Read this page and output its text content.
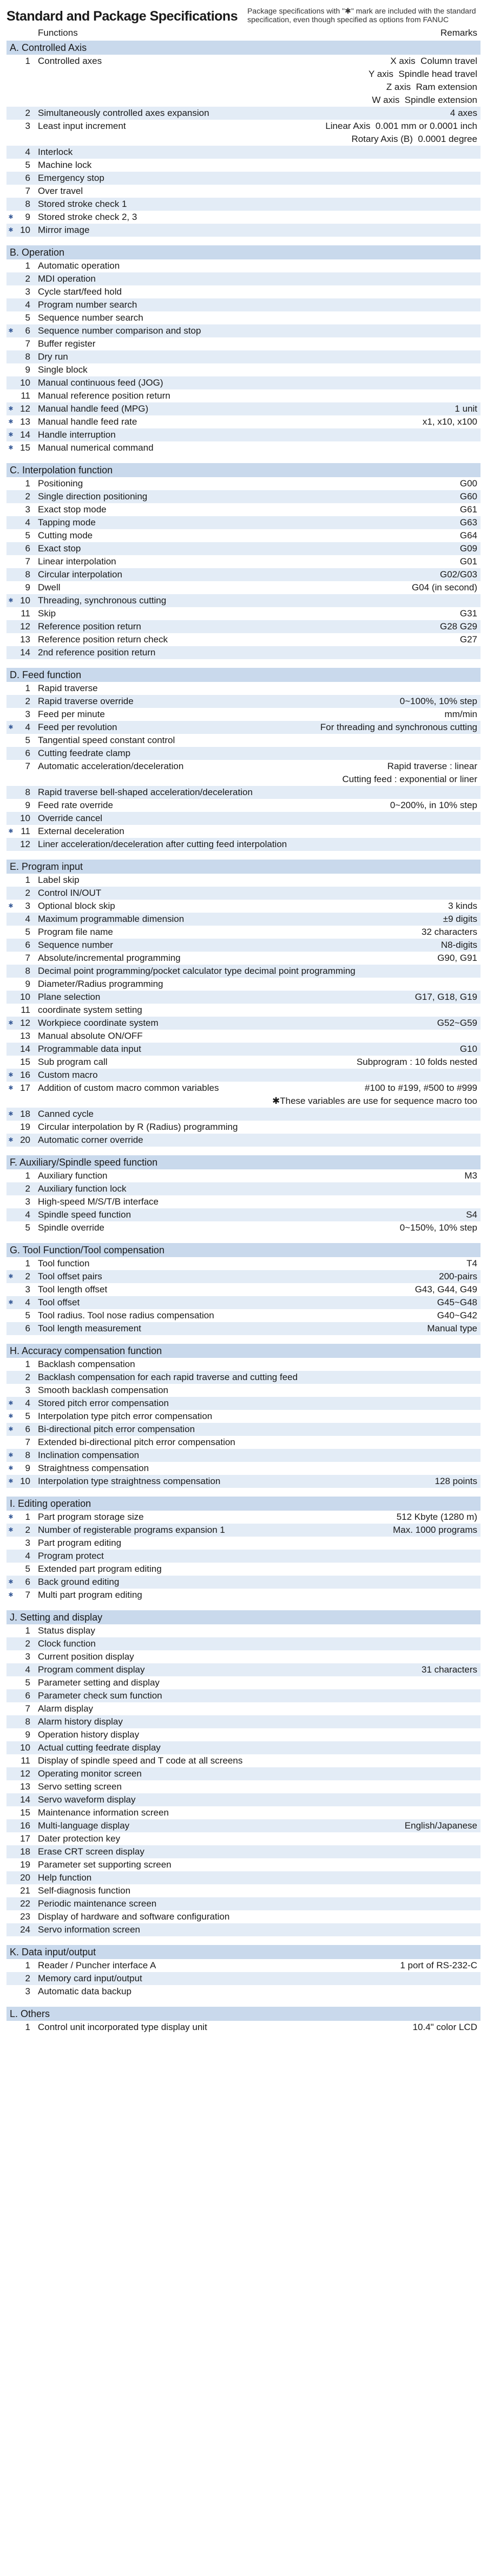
Standard and Package Specifications Package specifications with "✱" mark are included with the standard specification, even though specified as options from FANUC
Functions	Remarks
A. Controlled Axis
1 Controlled axes	X axis  Column travel
Y axis  Spindle head travel
Z axis  Ram extension
W axis  Spindle extension
2 Simultaneously controlled axes expansion	4 axes
3 Least input increment	Linear Axis  0.001 mm or 0.0001 inch
Rotary Axis (B)  0.0001 degree
4 Interlock
5 Machine lock
6 Emergency stop
7 Over travel
8 Stored stroke check 1
✱	9 Stored stroke check 2, 3
✱ 10 Mirror image
B. Operation
1 Automatic operation
2 MDI operation
3 Cycle start/feed hold
4 Program number search
5 Sequence number search
✱	6 Sequence number comparison and stop
7 Buffer register
8 Dry run
9 Single block
10 Manual continuous feed (JOG)
11 Manual reference position return
✱ 12 Manual handle feed (MPG)	1 unit
✱ 13 Manual handle feed rate	x1, x10, x100
✱ 14 Handle interruption
✱ 15 Manual numerical command
C. Interpolation function
1 Positioning	G00
2 Single direction positioning	G60
3 Exact stop mode	G61
4 Tapping mode	G63
5 Cutting mode	G64
6 Exact stop	G09
7 Linear interpolation	G01
8 Circular interpolation	G02/G03
9 Dwell	G04 (in second)
✱ 10 Threading, synchronous cutting
11 Skip	G31
12 Reference position return	G28 G29
13 Reference position return check	G27
14 2nd reference position return
D. Feed function
1 Rapid traverse
2 Rapid traverse override	0~100%, 10% step
3 Feed per minute	mm/min
✱	4 Feed per revolution	For threading and synchronous cutting
5 Tangential speed constant control
6 Cutting feedrate clamp
7 Automatic acceleration/deceleration	Rapid traverse : linear
Cutting feed : exponential or liner
8 Rapid traverse bell-shaped acceleration/deceleration
9 Feed rate override	0~200%, in 10% step
10 Override cancel
✱ 11 External deceleration
12 Liner acceleration/deceleration after cutting feed interpolation
E. Program input
1 Label skip
2 Control IN/OUT
✱	3 Optional block skip	3 kinds
4 Maximum programmable dimension	±9 digits
5 Program file name	32 characters
6 Sequence number	N8-digits
7 Absolute/incremental programming	G90, G91
8 Decimal point programming/pocket calculator type decimal point programming
9 Diameter/Radius programming
10 Plane selection	G17, G18, G19
11 coordinate system setting
✱ 12 Workpiece coordinate system	G52~G59
13 Manual absolute ON/OFF
14 Programmable data input	G10
15 Sub program call	Subprogram : 10 folds nested
✱ 16 Custom macro
✱ 17 Addition of custom macro common variables	#100 to #199, #500 to #999
✱These variables are use for sequence macro too
✱ 18 Canned cycle
19 Circular interpolation by R (Radius) programming
✱ 20 Automatic corner override
F. Auxiliary/Spindle speed function
1 Auxiliary function	M3
2 Auxiliary function lock
3 High-speed M/S/T/B interface
4 Spindle speed function	S4
5 Spindle override	0~150%, 10% step
G. Tool Function/Tool compensation
1 Tool function	T4
✱	2 Tool offset pairs	200-pairs
3 Tool length offset	G43, G44, G49
✱	4 Tool offset	G45~G48
5 Tool radius. Tool nose radius compensation	G40~G42
6 Tool length measurement	Manual type
H. Accuracy compensation function
1 Backlash compensation
2 Backlash compensation for each rapid traverse and cutting feed
3 Smooth backlash compensation
✱	4 Stored pitch error compensation
✱	5 Interpolation type pitch error compensation
✱	6 Bi-directional pitch error compensation
7 Extended bi-directional pitch error compensation
✱	8 Inclination compensation
✱	9 Straightness compensation
✱ 10 Interpolation type straightness compensation	128 points
I. Editing operation
✱	1 Part program storage size	512 Kbyte (1280 m)
✱	2 Number of registerable programs expansion 1	Max. 1000 programs
3 Part program editing
4 Program protect
5 Extended part program editing
✱	6 Back ground editing
✱	7 Multi part program editing
J. Setting and display
1 Status display
2 Clock function
3 Current position display
4 Program comment display	31 characters
5 Parameter setting and display
6 Parameter check sum function
7 Alarm display
8 Alarm history display
9 Operation history display
10 Actual cutting feedrate display
11 Display of spindle speed and T code at all screens
12 Operating monitor screen
13 Servo setting screen
14 Servo waveform display
15 Maintenance information screen
16 Multi-language display	English/Japanese
17 Dater protection key
18 Erase CRT screen display
19 Parameter set supporting screen
20 Help function
21 Self-diagnosis function
22 Periodic maintenance screen
23 Display of hardware and software configuration
24 Servo information screen
K. Data input/output
1 Reader / Puncher interface A	1 port of RS-232-C
2 Memory card input/output
3 Automatic data backup
L. Others
1 Control unit incorporated type display unit	10.4" color LCD
